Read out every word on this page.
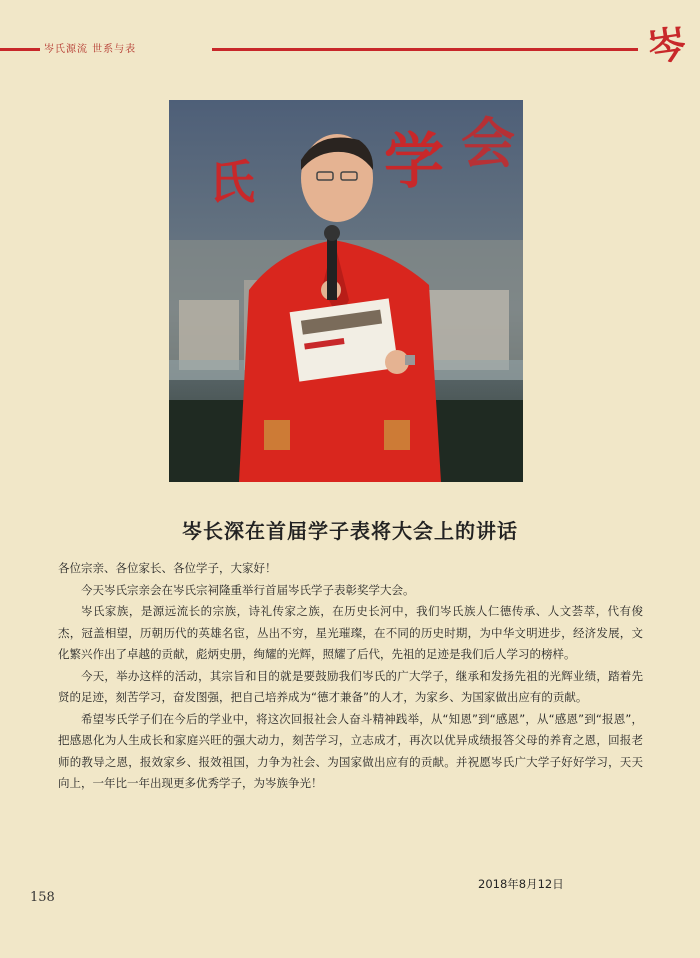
岑氏源流 世系与表	岑
氏 学 会
岑长深在首届学子表将大会上的讲话

各位宗亲、各位家长、各位学子，大家好！

今天岑氏宗亲会在岑氏宗祠隆重举行首届岑氏学子表彰奖学大会。

岑氏家族，是源远流长的宗族，诗礼传家之族，在历史长河中，我们岑氏族人仁德传承、人文荟萃，代有俊杰，冠盖相望，历朝历代的英雄名宦，丛出不穷，星光璀璨，在不同的历史时期，为中华文明进步，经济发展，文化繁兴作出了卓越的贡献，彪炳史册，绚耀的光辉，照耀了后代，先祖的足迹是我们后人学习的榜样。

今天，举办这样的活动，其宗旨和目的就是要鼓励我们岑氏的广大学子，继承和发扬先祖的光辉业绩，踏着先贤的足迹，刻苦学习，奋发图强，把自己培养成为“德才兼备”的人才，为家乡、为国家做出应有的贡献。

希望岑氏学子们在今后的学业中，将这次回报社会人奋斗精神践举，从“知恩”到“感恩”，从“感恩”到“报恩”，把感恩化为人生成长和家庭兴旺的强大动力，刻苦学习，立志成才，再次以优异成绩报答父母的养育之恩，回报老师的教导之恩，报效家乡、报效祖国，力争为社会、为国家做出应有的贡献。并祝愿岑氏广大学子好好学习，天天向上，一年比一年出现更多优秀学子，为岑族争光！

2018年8月12日
158
